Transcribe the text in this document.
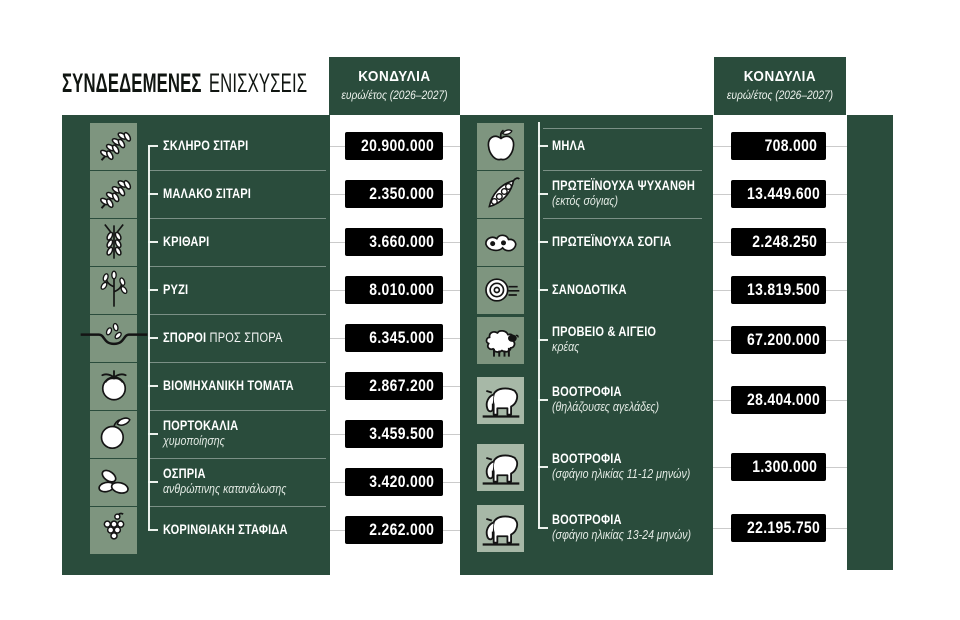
ΣΥΝΔΕΔΕΜΕΝΕΣ ΕΝΙΣΧΥΣΕΙΣ	ΚΟΝΔΥΛΙΑ
ευρώ/έτος (2026–2027)
ΚΟΝΔΥΛΙΑ
ευρώ/έτος (2026–2027)
ΣΚΛΗΡΟ ΣΙΤΑΡΙ	20.900.000
ΜΑΛΑΚΟ ΣΙΤΑΡΙ	2.350.000
ΚΡΙΘΑΡΙ	3.660.000
ΡΥΖΙ	8.010.000
ΣΠΟΡΟΙ ΠΡΟΣ ΣΠΟΡΑ	6.345.000
ΒΙΟΜΗΧΑΝΙΚΗ ΤΟΜΑΤΑ	2.867.200
ΠΟΡΤΟΚΑΛΙΑ
χυμοποίησης	3.459.500
ΟΣΠΡΙΑ
ανθρώπινης κατανάλωσης	3.420.000
ΚΟΡΙΝΘΙΑΚΗ ΣΤΑΦΙΔΑ	2.262.000
ΜΗΛΑ	708.000
ΠΡΩΤΕΪΝΟΥΧΑ ΨΥΧΑΝΘΗ
(εκτός σόγιας)	13.449.600
ΠΡΩΤΕΪΝΟΥΧΑ ΣΟΓΙΑ	2.248.250
ΣΑΝΟΔΟΤΙΚΑ	13.819.500
ΠΡΟΒΕΙΟ & ΑΙΓΕΙΟ
κρέας	67.200.000
ΒΟΟΤΡΟΦΙΑ
(θηλάζουσες αγελάδες)	28.404.000
ΒΟΟΤΡΟΦΙΑ
(σφάγιο ηλικίας 11-12 μηνών)	1.300.000
ΒΟΟΤΡΟΦΙΑ
(σφάγιο ηλικίας 13-24 μηνών)	22.195.750
